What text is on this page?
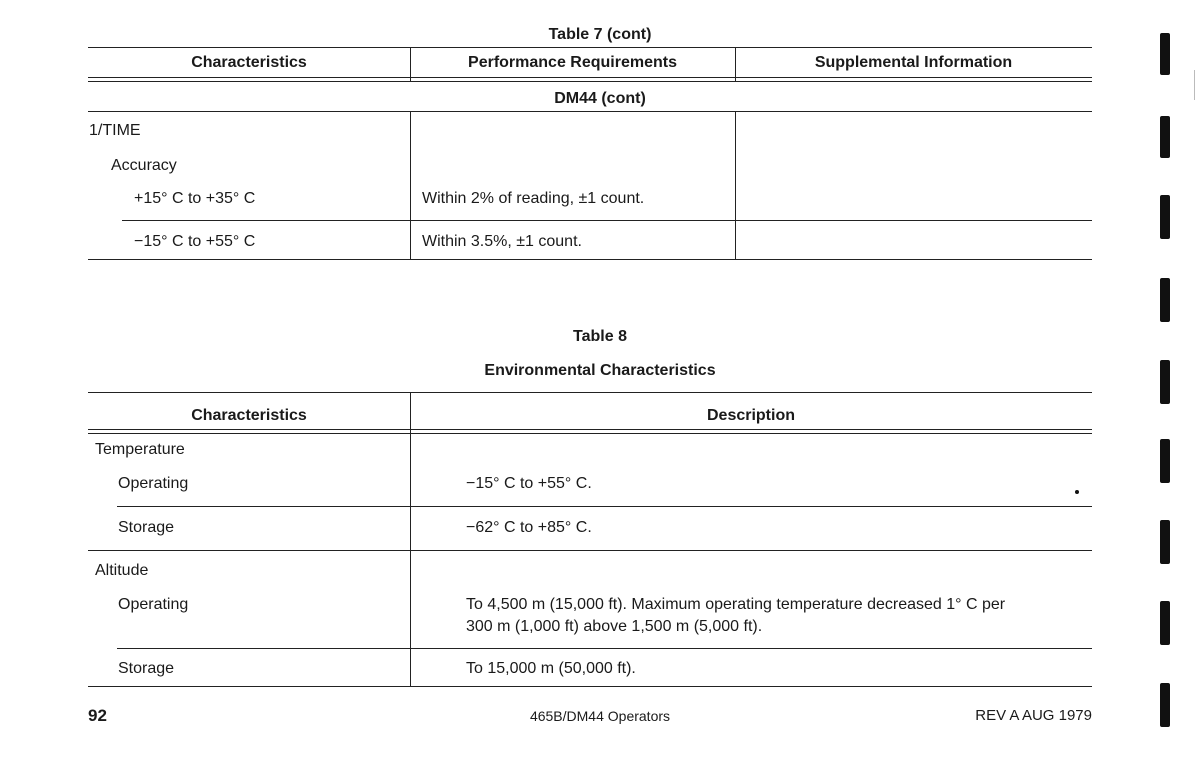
Table 7 (cont)
Characteristics	Performance Requirements	Supplemental Information
DM44 (cont)
1/TIME
Accuracy
+15° C to +35° C	Within 2% of reading, ±1 count.
−15° C to +55° C	Within 3.5%, ±1 count.
Table 8
Environmental Characteristics
Characteristics	Description
Temperature
Operating	−15° C to +55° C.
Storage	−62° C to +85° C.
Altitude
Operating	To 4,500 m (15,000 ft). Maximum operating temperature decreased 1° C per
300 m (1,000 ft) above 1,500 m (5,000 ft).
Storage	To 15,000 m (50,000 ft).
92	465B/DM44 Operators	REV A AUG 1979
